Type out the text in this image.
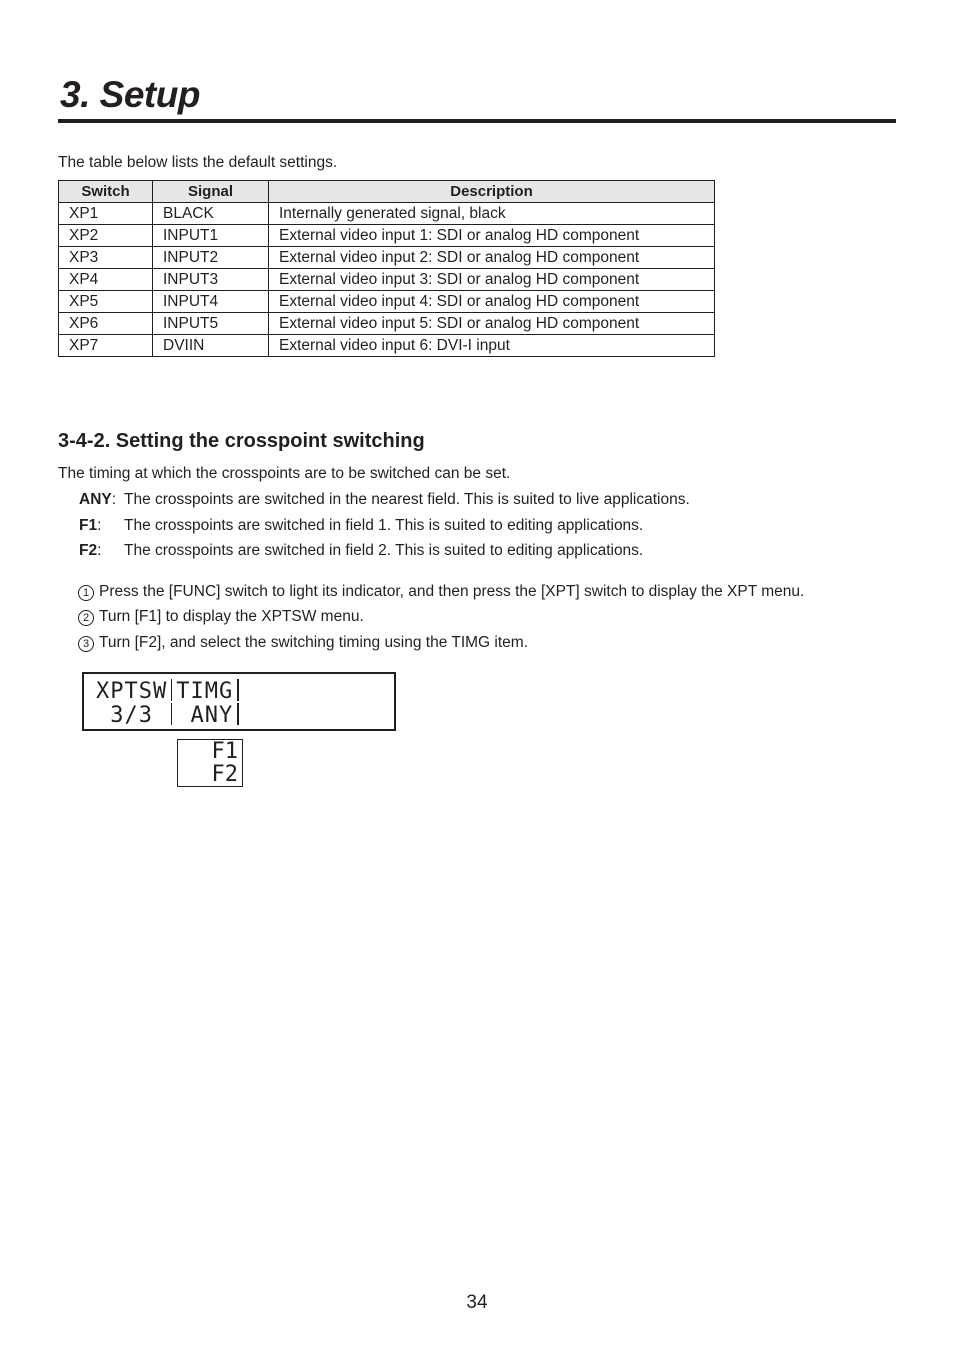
3. Setup

The table below lists the default settings.

Switch	Signal	Description
XP1	BLACK	Internally generated signal, black
XP2	INPUT1	External video input 1: SDI or analog HD component
XP3	INPUT2	External video input 2: SDI or analog HD component
XP4	INPUT3	External video input 3: SDI or analog HD component
XP5	INPUT4	External video input 4: SDI or analog HD component
XP6	INPUT5	External video input 5: SDI or analog HD component
XP7	DVIIN	External video input 6: DVI-I input
3-4-2. Setting the crosspoint switching

The timing at which the crosspoints are to be switched can be set.

ANY: The crosspoints are switched in the nearest field. This is suited to live applications.
F1: The crosspoints are switched in field 1. This is suited to editing applications.
F2: The crosspoints are switched in field 2. This is suited to editing applications.
1 Press the [FUNC] switch to light its indicator, and then press the [XPT] switch to display the XPT menu.
2 Turn [F1] to display the XPTSW menu.
3 Turn [F2], and select the switching timing using the TIMG item.
XPTSW TIMG
3/3  ANY
F1
F2
34
